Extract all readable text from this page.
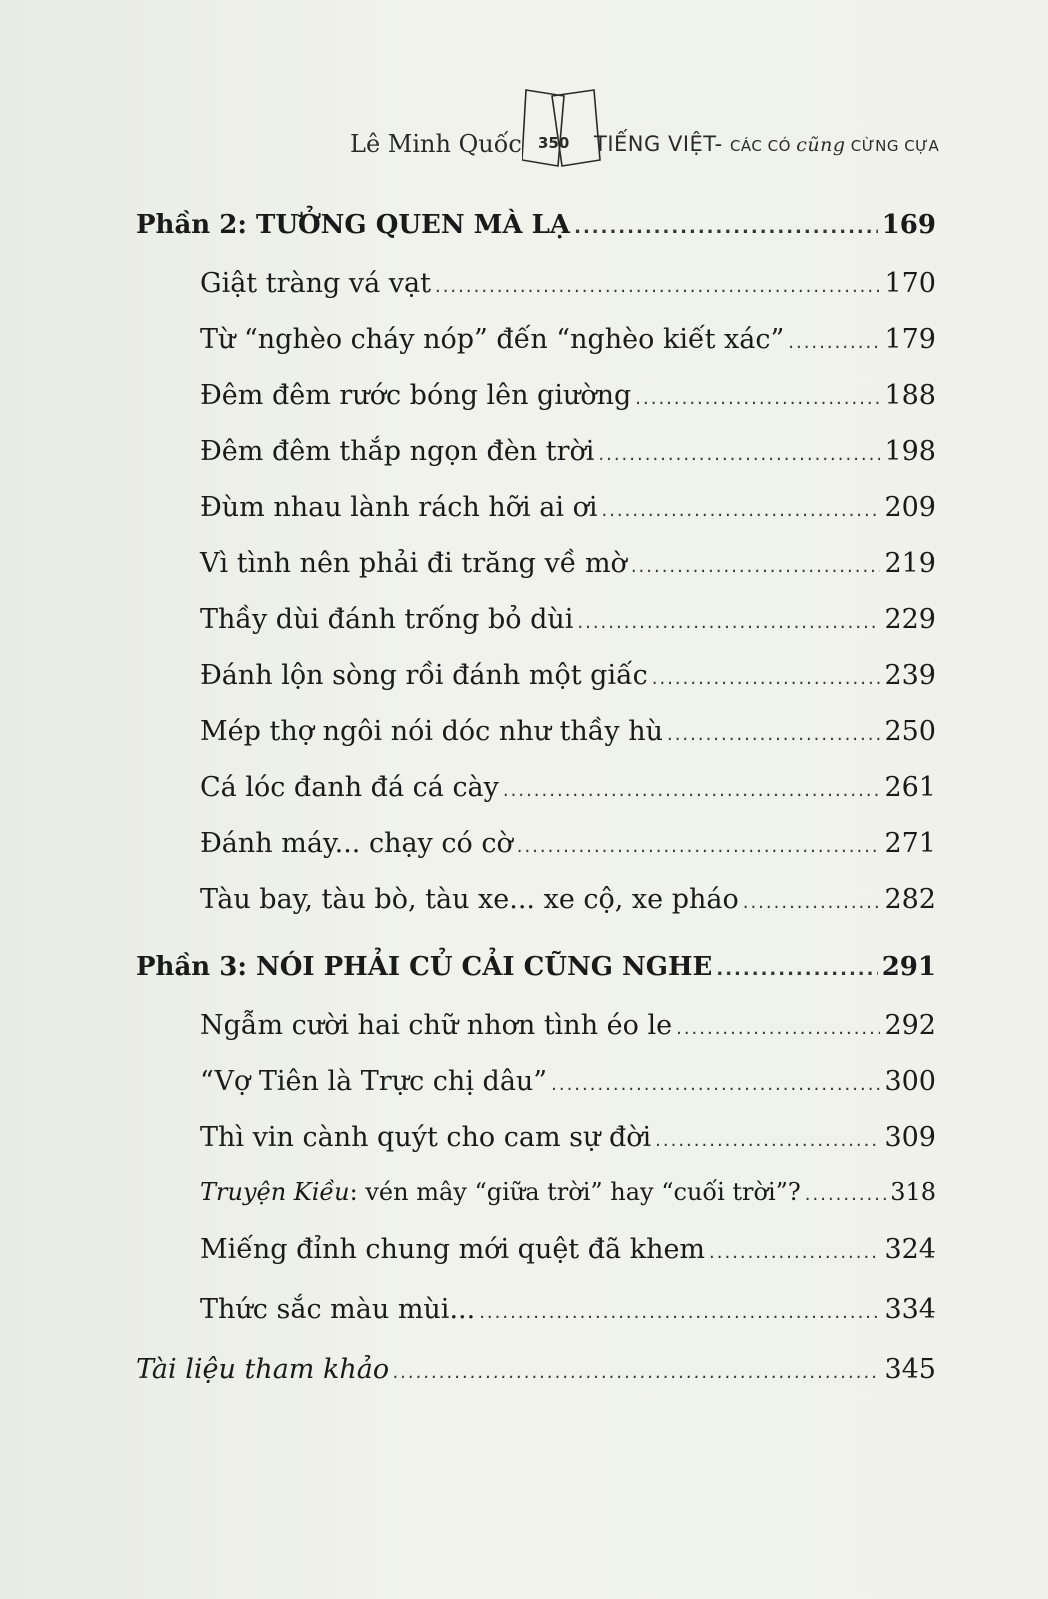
Lê Minh Quốc 350 TIẾNG VIỆT- CÁC CÓ cũng CỪNG CỰA
Phần 2: TƯỞNG QUEN MÀ LẠ .....	169
Giật tràng vá vạt .....	170
Từ “nghèo cháy nóp” đến “nghèo kiết xác” .....	179
Đêm đêm rước bóng lên giường .....	188
Đêm đêm thắp ngọn đèn trời .....	198
Đùm nhau lành rách hỡi ai ơi .....	209
Vì tình nên phải đi trăng về mờ .....	219
Thầy dùi đánh trống bỏ dùi .....	229
Đánh lộn sòng rồi đánh một giấc .....	239
Mép thợ ngôi nói dóc như thầy hù .....	250
Cá lóc đanh đá cá cày .....	261
Đánh máy... chạy có cờ .....	271
Tàu bay, tàu bò, tàu xe... xe cộ, xe pháo .....	282
Phần 3: NÓI PHẢI CỦ CẢI CŨNG NGHE .....	291
Ngẫm cười hai chữ nhơn tình éo le .....	292
“Vợ Tiên là Trực chị dâu” .....	300
Thì vin cành quýt cho cam sự đời .....	309
Truyện Kiều: vén mây “giữa trời” hay “cuối trời”? .....	318
Miếng đỉnh chung mới quệt đã khem .....	324
Thức sắc màu mùi... .....	334
Tài liệu tham khảo .....	345
